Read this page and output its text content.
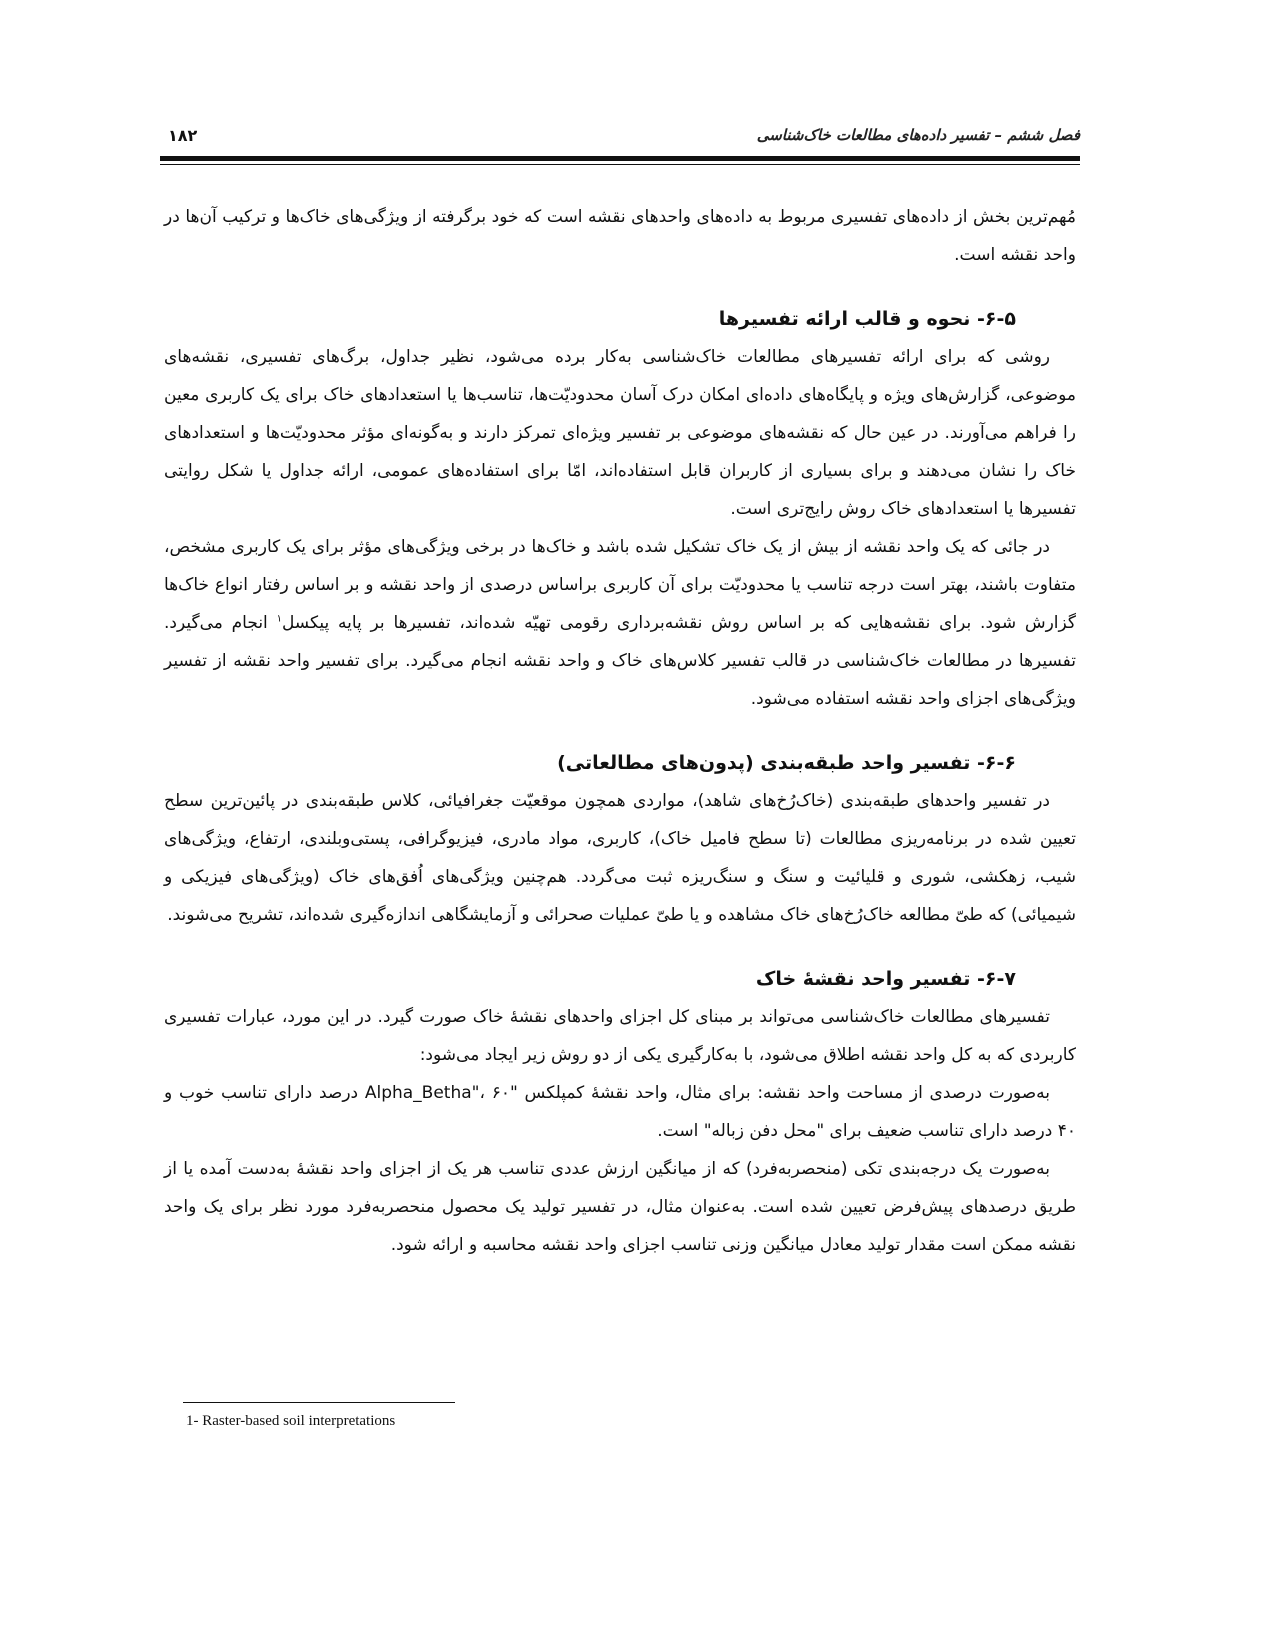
فصل ششم – تفسیر داده‌های مطالعات خاک‌شناسی
۱۸۲

مُهم‌ترین بخش از داده‌های تفسیری مربوط به داده‌های واحدهای نقشه است که خود برگرفته از ویژگی‌های خاک‌ها و ترکیب آن‌ها در واحد نقشه است.

۶-۵- نحوه و قالب ارائه تفسیرها

روشی که برای ارائه تفسیرهای مطالعات خاک‌شناسی به‌کار برده می‌شود، نظیر جداول، برگ‌های تفسیری، نقشه‌های موضوعی، گزارش‌های ویژه و پایگاه‌های داده‌ای امکان درک آسان محدودیّت‌ها، تناسب‌ها یا استعدادهای خاک برای یک کاربری معین را فراهم می‌آورند. در عین حال که نقشه‌های موضوعی بر تفسیر ویژه‌ای تمرکز دارند و به‌گونه‌ای مؤثر محدودیّت‌ها و استعدادهای خاک را نشان می‌دهند و برای بسیاری از کاربران قابل استفاده‌اند، امّا برای استفاده‌های عمومی، ارائه جداول یا شکل روایتی تفسیرها یا استعدادهای خاک روش رایج‌تری است.

در جائی که یک واحد نقشه از بیش از یک خاک تشکیل شده باشد و خاک‌ها در برخی ویژگی‌های مؤثر برای یک کاربری مشخص، متفاوت باشند، بهتر است درجه تناسب یا محدودیّت برای آن کاربری براساس درصدی از واحد نقشه و بر اساس رفتار انواع خاک‌ها گزارش شود. برای نقشه‌هایی که بر اساس روش نقشه‌برداری رقومی تهیّه شده‌اند، تفسیرها بر پایه پیکسل$^۱$ انجام می‌گیرد. تفسیرها در مطالعات خاک‌شناسی در قالب تفسیر کلاس‌های خاک و واحد نقشه انجام می‌گیرد. برای تفسیر واحد نقشه از تفسیر ویژگی‌های اجزای واحد نقشه استفاده می‌شود.

۶-۶- تفسیر واحد طبقه‌بندی (پدون‌های مطالعاتی)

در تفسیر واحدهای طبقه‌بندی (خاک‌رُخ‌های شاهد)، مواردی همچون موقعیّت جغرافیائی، کلاس طبقه‌بندی در پائین‌ترین سطح تعیین شده در برنامه‌ریزی مطالعات (تا سطح فامیل خاک)، کاربری، مواد مادری، فیزیوگرافی، پستی‌وبلندی، ارتفاع، ویژگی‌های شیب، زهکشی، شوری و قلیائیت و سنگ و سنگ‌ریزه ثبت می‌گردد. هم‌چنین ویژگی‌های اُفق‌های خاک (ویژگی‌های فیزیکی و شیمیائی) که طیّ مطالعه خاک‌رُخ‌های خاک مشاهده و یا طیّ عملیات صحرائی و آزمایشگاهی اندازه‌گیری شده‌اند، تشریح می‌شوند.

۶-۷- تفسیر واحد نقشهٔ خاک

تفسیرهای مطالعات خاک‌شناسی می‌تواند بر مبنای کل اجزای واحدهای نقشهٔ خاک صورت گیرد. در این مورد، عبارات تفسیری کاربردی که به کل واحد نقشه اطلاق می‌شود، با به‌کارگیری یکی از دو روش زیر ایجاد می‌شود:

به‌صورت درصدی از مساحت واحد نقشه: برای مثال، واحد نقشهٔ کمپلکس "Alpha_Betha"، ۶۰ درصد دارای تناسب خوب و ۴۰ درصد دارای تناسب ضعیف برای "محل دفن زباله" است.

به‌صورت یک درجه‌بندی تکی (منحصربه‌فرد) که از میانگین ارزش عددی تناسب هر یک از اجزای واحد نقشهٔ به‌دست آمده یا از طریق درصدهای پیش‌فرض تعیین شده است. به‌عنوان مثال، در تفسیر تولید یک محصول منحصربه‌فرد مورد نظر برای یک واحد نقشه ممکن است مقدار تولید معادل میانگین وزنی تناسب اجزای واحد نقشه محاسبه و ارائه شود.

1- Raster-based soil interpretations
